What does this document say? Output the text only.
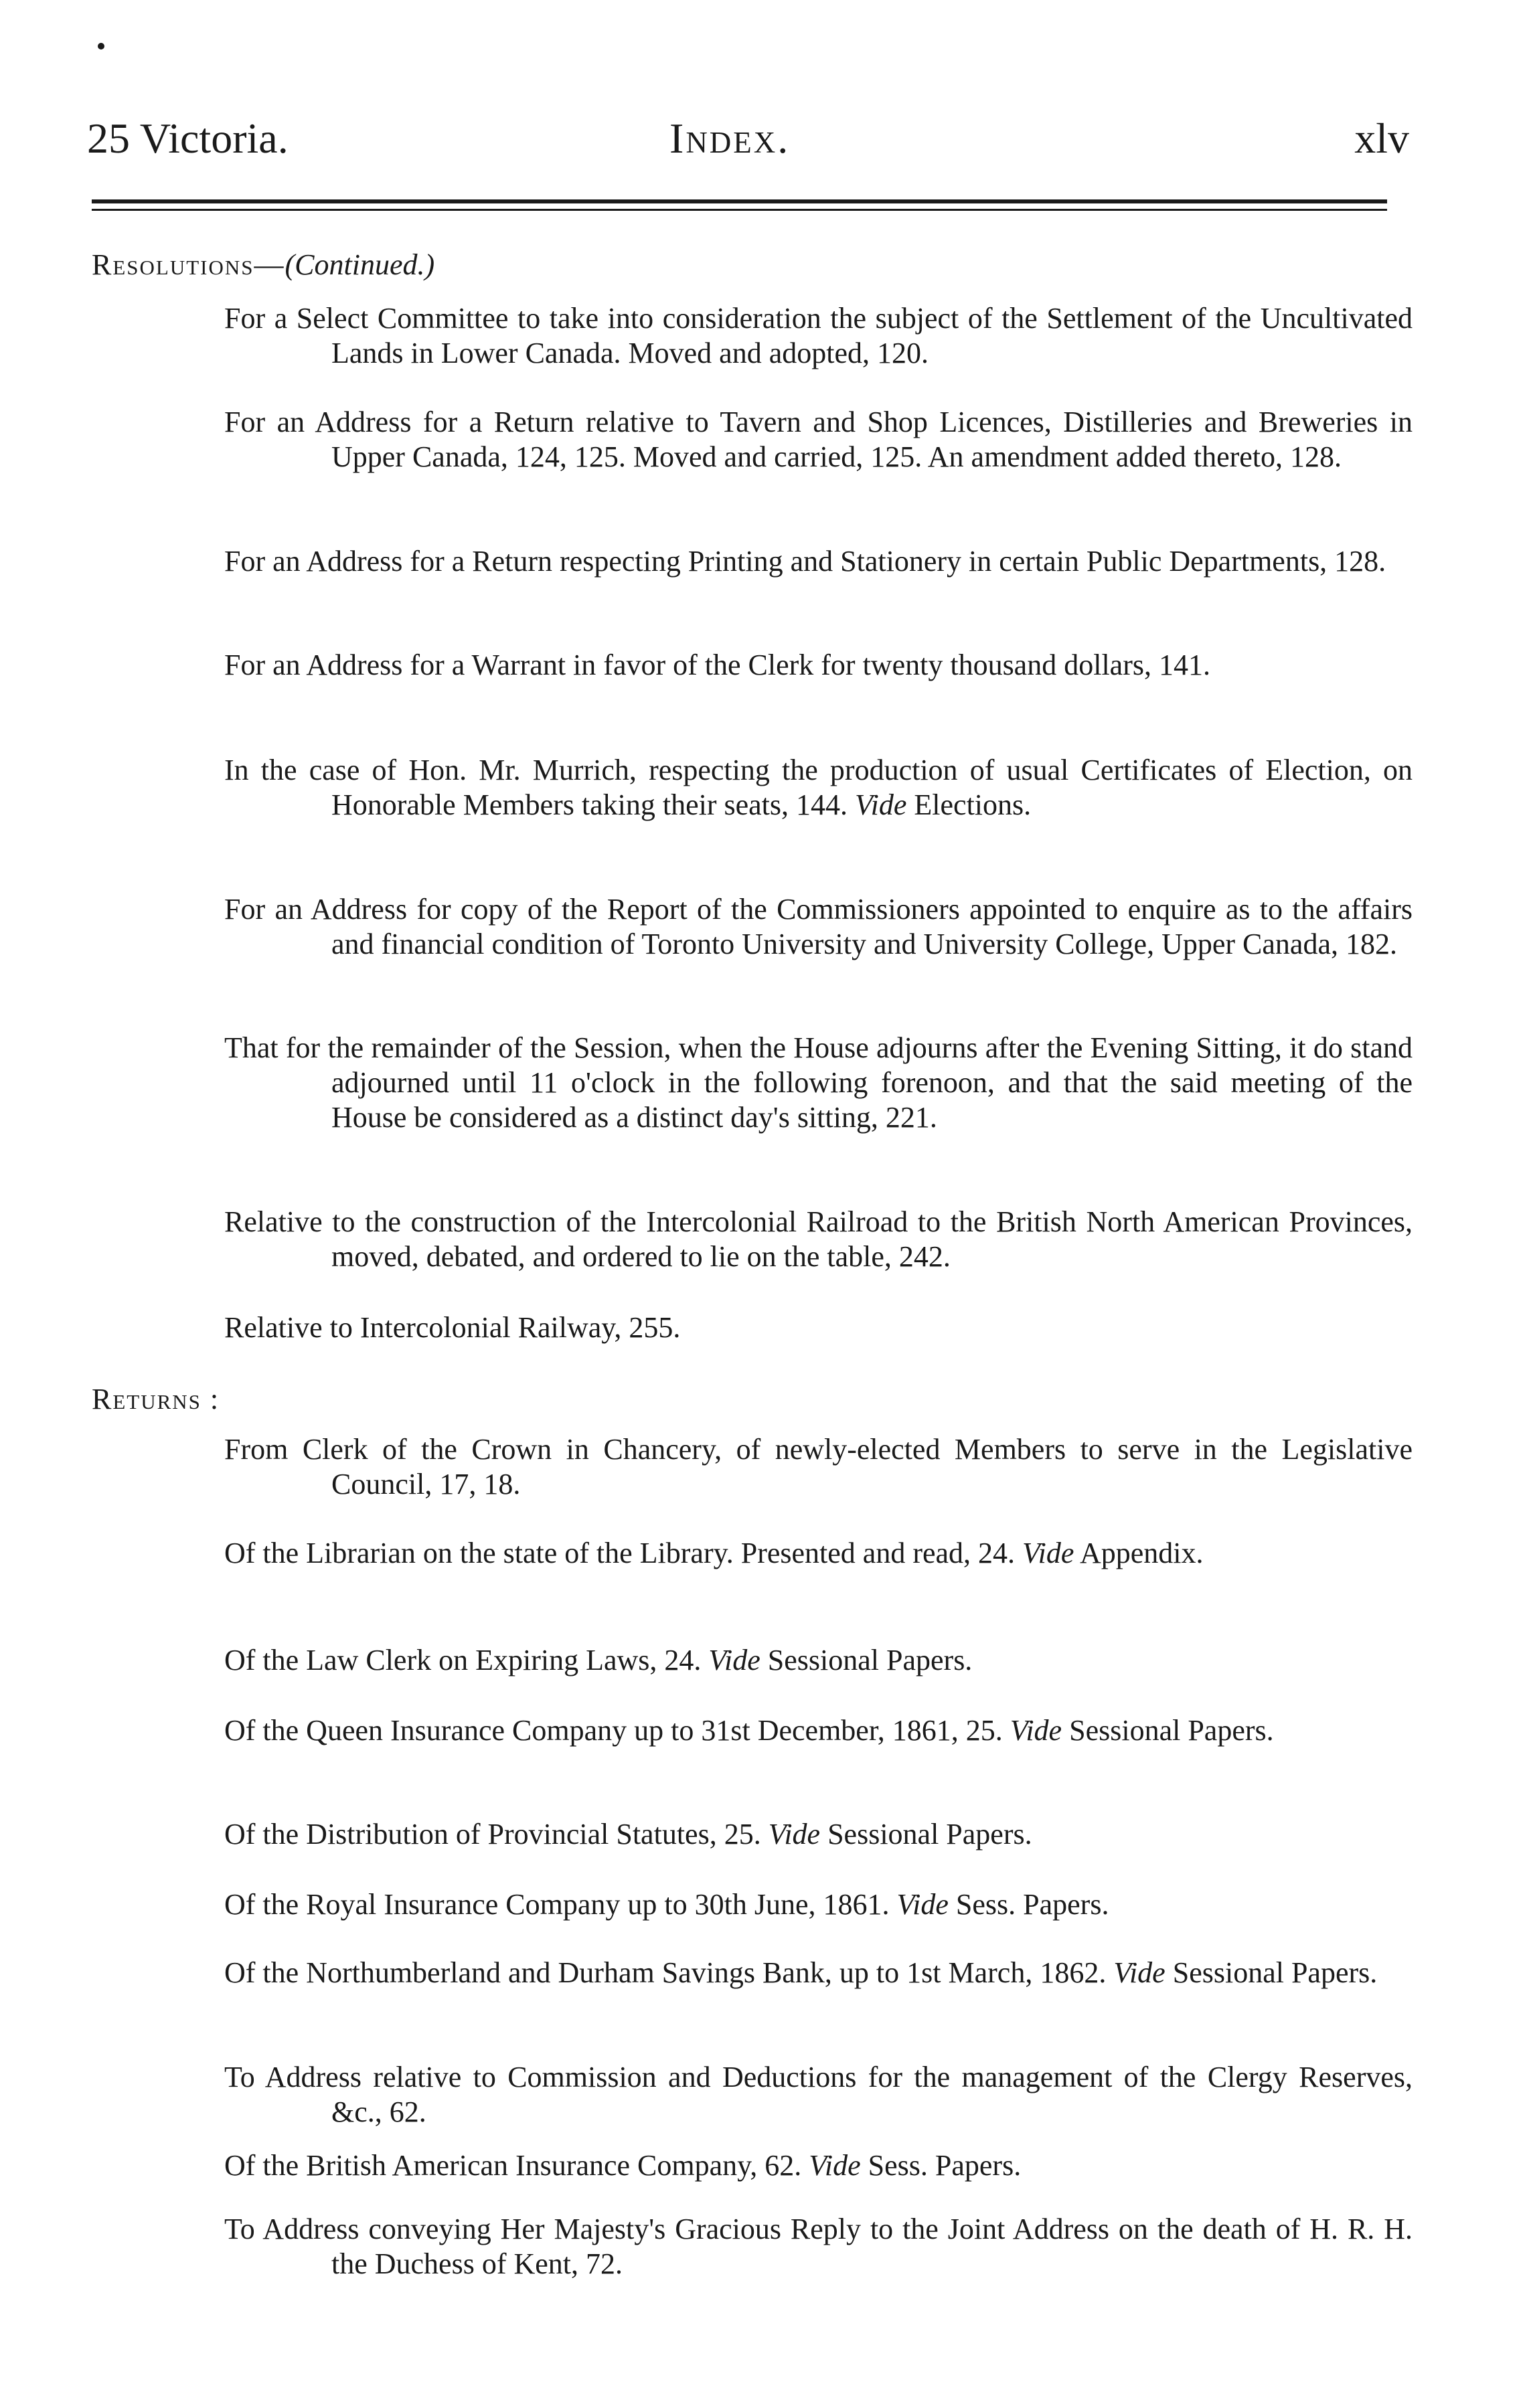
25 Victoria.	Index.	xlv
Resolutions—(Continued.)
For a Select Committee to take into consideration the subject of the Settlement of the Uncultivated Lands in Lower Canada. Moved and adopted, 120.
For an Address for a Return relative to Tavern and Shop Licences, Distilleries and Breweries in Upper Canada, 124, 125. Moved and carried, 125. An amendment added thereto, 128.
For an Address for a Return respecting Printing and Stationery in certain Public Departments, 128.
For an Address for a Warrant in favor of the Clerk for twenty thousand dollars, 141.
In the case of Hon. Mr. Murrich, respecting the production of usual Certificates of Election, on Honorable Members taking their seats, 144. Vide Elections.
For an Address for copy of the Report of the Commissioners appointed to enquire as to the affairs and financial condition of Toronto University and University College, Upper Canada, 182.
That for the remainder of the Session, when the House adjourns after the Evening Sitting, it do stand adjourned until 11 o'clock in the following forenoon, and that the said meeting of the House be considered as a distinct day's sitting, 221.
Relative to the construction of the Intercolonial Railroad to the British North American Provinces, moved, debated, and ordered to lie on the table, 242.
Relative to Intercolonial Railway, 255.
Returns :
From Clerk of the Crown in Chancery, of newly-elected Members to serve in the Legislative Council, 17, 18.
Of the Librarian on the state of the Library. Presented and read, 24. Vide Appendix.
Of the Law Clerk on Expiring Laws, 24. Vide Sessional Papers.
Of the Queen Insurance Company up to 31st December, 1861, 25. Vide Sessional Papers.
Of the Distribution of Provincial Statutes, 25. Vide Sessional Papers.
Of the Royal Insurance Company up to 30th June, 1861. Vide Sess. Papers.
Of the Northumberland and Durham Savings Bank, up to 1st March, 1862. Vide Sessional Papers.
To Address relative to Commission and Deductions for the management of the Clergy Reserves, &c., 62.
Of the British American Insurance Company, 62. Vide Sess. Papers.
To Address conveying Her Majesty's Gracious Reply to the Joint Address on the death of H. R. H. the Duchess of Kent, 72.
